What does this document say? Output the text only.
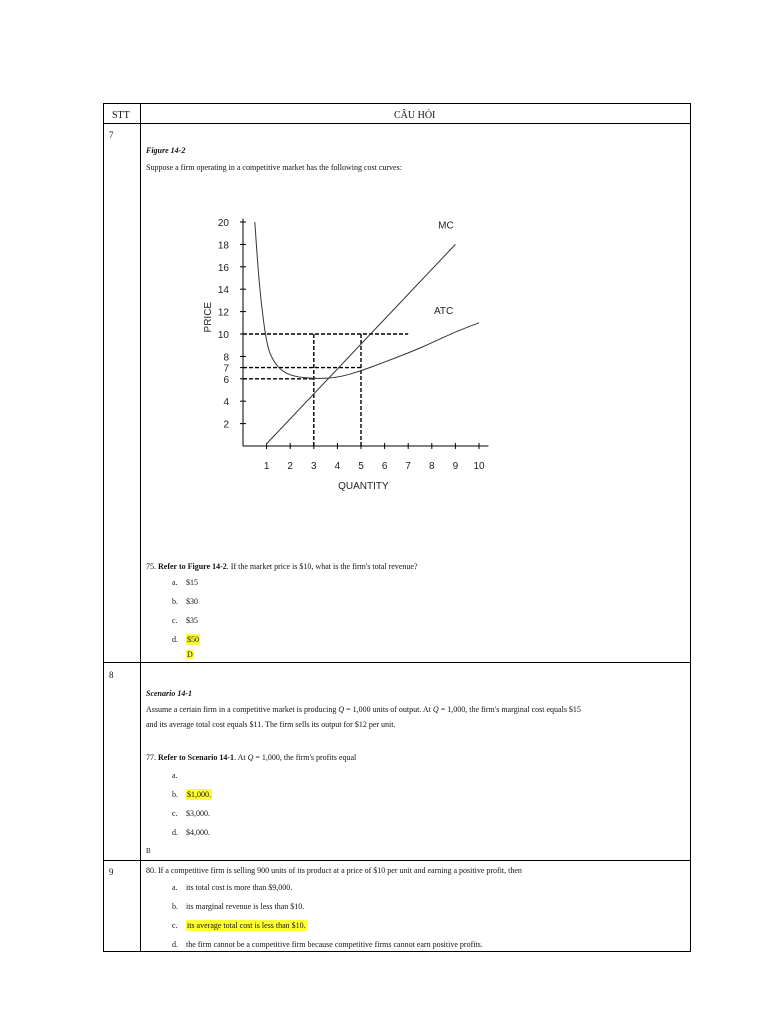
STT	CÂU HỎI
7
Figure 14-2
Suppose a firm operating in a competitive market has the following cost curves:
1 2 3 4 5 6 7 8 9 10
2
4
6
7
8
10
12
14
16
18
20
QUANTITY
PRICE
MC
ATC
75. Refer to Figure 14-2. If the market price is $10, what is the firm's total revenue?
a. $15
b. $30
c. $35
d. $50
D
8
Scenario 14-1
Assume a certain firm in a competitive market is producing Q = 1,000 units of output. At Q = 1,000, the firm's marginal cost equals $15
and its average total cost equals $11. The firm sells its output for $12 per unit.
77. Refer to Scenario 14-1. At Q = 1,000, the firm's profits equal
a.
b. $1,000.
c. $3,000.
d. $4,000.
B
9	80. If a competitive firm is selling 900 units of its product at a price of $10 per unit and earning a positive profit, then
a. its total cost is more than $9,000.
b. its marginal revenue is less than $10.
c. its average total cost is less than $10.
d. the firm cannot be a competitive firm because competitive firms cannot earn positive profits.
